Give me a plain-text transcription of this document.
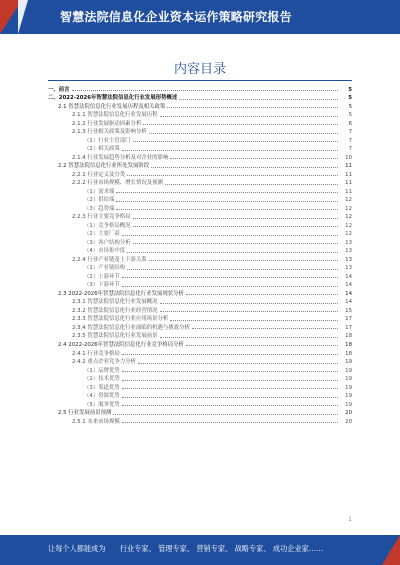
智慧法院信息化企业资本运作策略研究报告
内容目录
一、前言	5
二、2022-2026年智慧法院信息化行业发展形势概述	5
2.1 智慧法院信息化行业发展历程及相关政策	5
2.1.1 智慧法院信息化行业发展历程	5
2.1.2 行业发展驱动因素分析	6
2.1.3 行业相关政策及影响分析	7
（1）行业主管部门	7
（2）相关政策	7
2.1.4 行业发展趋势分析及对企业的影响	10
2.2 智慧法院信息化行业所处发展阶段	11
2.2.1 行业定义及分类	11
2.2.2 行业市场规模、增长情况及预测	11
（1）需求端	11
（2）供给端	12
（3）趋势端	12
2.2.3 行业主要竞争格局	12
（1）竞争格局概况	12
（2）主要厂商	12
（3）客户结构分析	13
（4）市场集中度	13
2.2.4 行业产业链及上下游关系	13
（1）产业链结构	13
（2）上游环节	14
（3）下游环节	14
2.3 2022-2026年智慧法院信息化行业发展现状分析	14
2.3.1 智慧法院信息化行业发展概况	14
2.3.2 智慧法院信息化行业经营情况	15
2.3.3 智慧法院信息化行业应用场景分析	17
2.3.4 智慧法院信息化行业面临的机遇与挑战分析	17
2.3.5 智慧法院信息化行业发展前景	18
2.4 2022-2026年智慧法院信息化行业竞争格局分析	18
2.4.1 行业竞争格局	18
2.4.2 重点企业竞争力分析	19
（1）品牌优势	19
（2）技术优势	19
（3）渠道优势	19
（4）资源优势	19
（5）服务优势	19
2.5 行业发展前景预测	20
2.5.1 未来市场规模	20
1
让每个人都能成为 行业专家、 管理专家、 营销专家、 战略专家、 成功企业家……
